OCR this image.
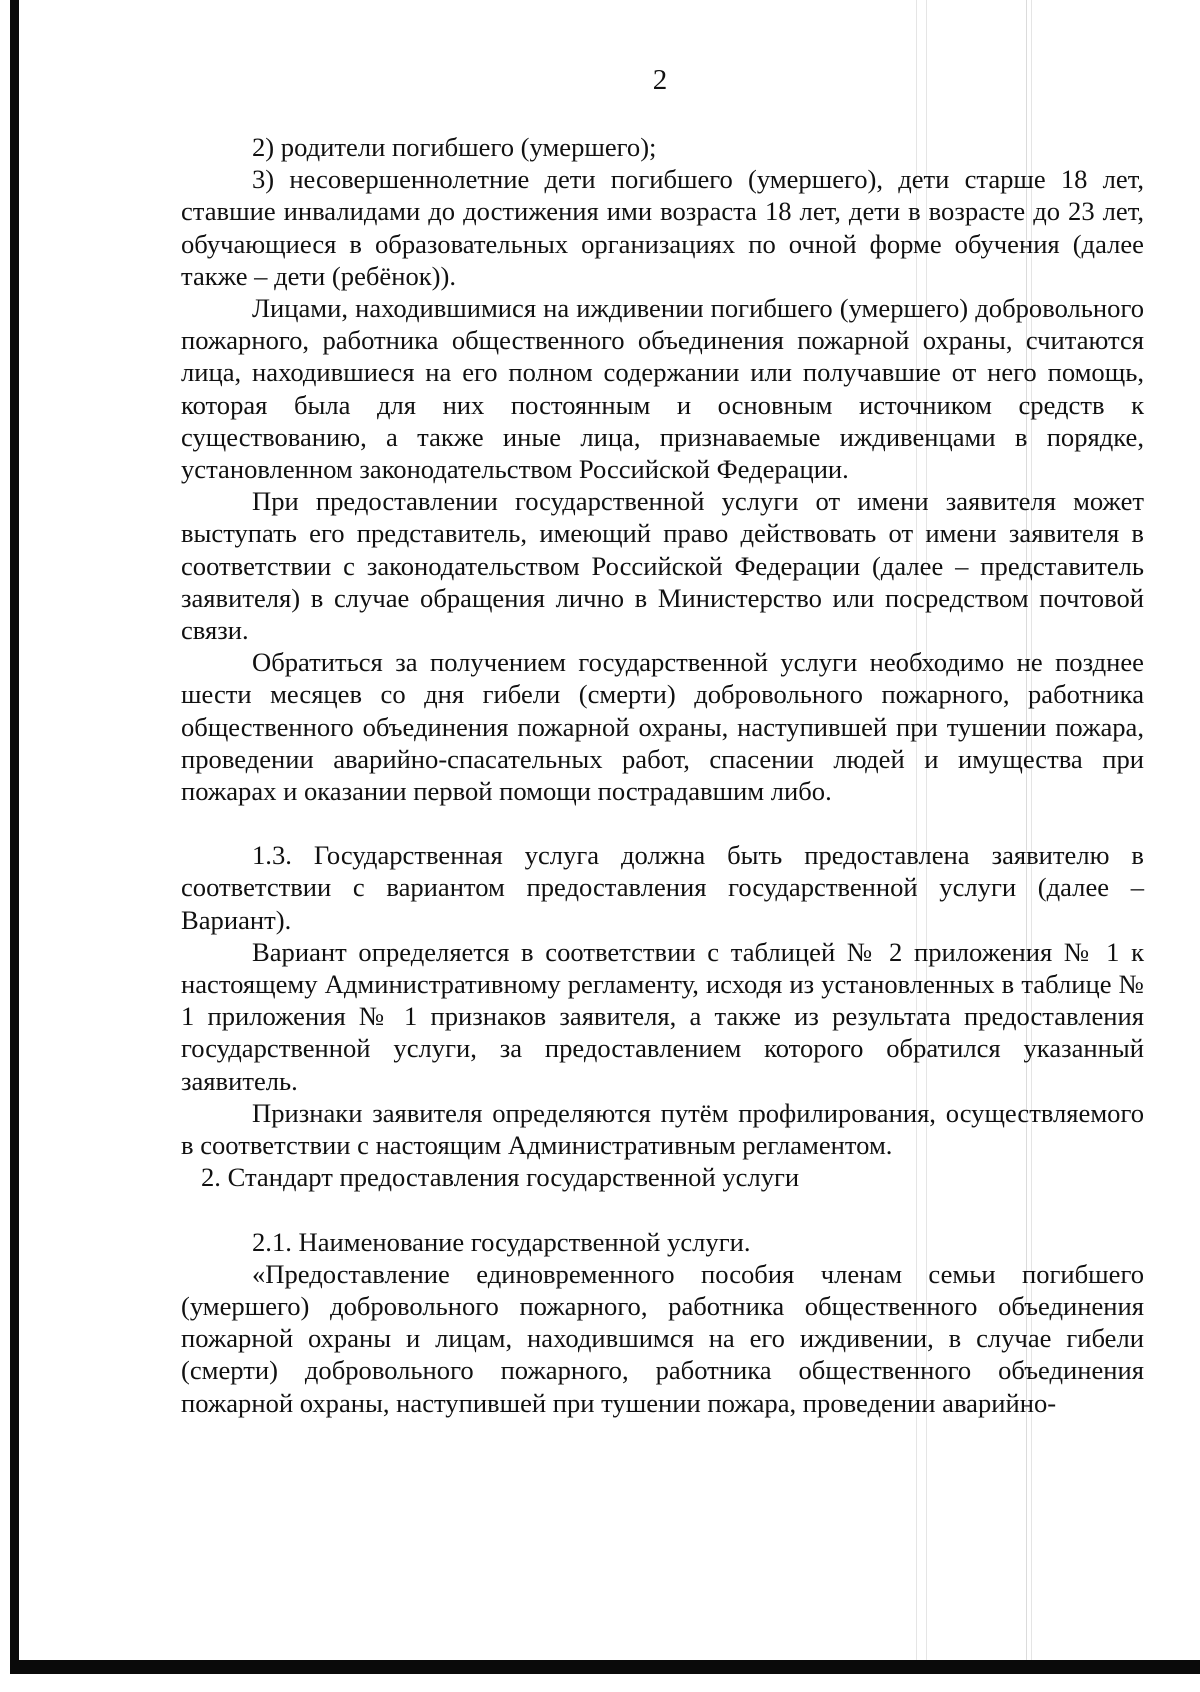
2

2) родители погибшего (умершего);

3) несовершеннолетние дети погибшего (умершего), дети старше 18 лет, ставшие инвалидами до достижения ими возраста 18 лет, дети в возрасте до 23 лет, обучающиеся в образовательных организациях по очной форме обучения (далее также – дети (ребёнок)).

Лицами, находившимися на иждивении погибшего (умершего) добровольного пожарного, работника общественного объединения пожарной охраны, считаются лица, находившиеся на его полном содержании или получавшие от него помощь, которая была для них постоянным и основным источником средств к существованию, а также иные лица, признаваемые иждивенцами в порядке, установленном законодательством Российской Федерации.

При предоставлении государственной услуги от имени заявителя может выступать его представитель, имеющий право действовать от имени заявителя в соответствии с законодательством Российской Федерации (далее – представитель заявителя) в случае обращения лично в Министерство или посредством почтовой связи.

Обратиться за получением государственной услуги необходимо не позднее шести месяцев со дня гибели (смерти) добровольного пожарного, работника общественного объединения пожарной охраны, наступившей при тушении пожара, проведении аварийно-спасательных работ, спасении людей и имущества при пожарах и оказании первой помощи пострадавшим либо.

1.3. Государственная услуга должна быть предоставлена заявителю в соответствии с вариантом предоставления государственной услуги (далее – Вариант).

Вариант определяется в соответствии с таблицей № 2 приложения № 1 к настоящему Административному регламенту, исходя из установленных в таблице № 1 приложения № 1 признаков заявителя, а также из результата предоставления государственной услуги, за предоставлением которого обратился указанный заявитель.

Признаки заявителя определяются путём профилирования, осуществляемого в соответствии с настоящим Административным регламентом.

2. Стандарт предоставления государственной услуги

2.1. Наименование государственной услуги.

«Предоставление единовременного пособия членам семьи погибшего (умершего) добровольного пожарного, работника общественного объединения пожарной охраны и лицам, находившимся на его иждивении, в случае гибели (смерти) добровольного пожарного, работника общественного объединения пожарной охраны, наступившей при тушении пожара, проведении аварийно-
